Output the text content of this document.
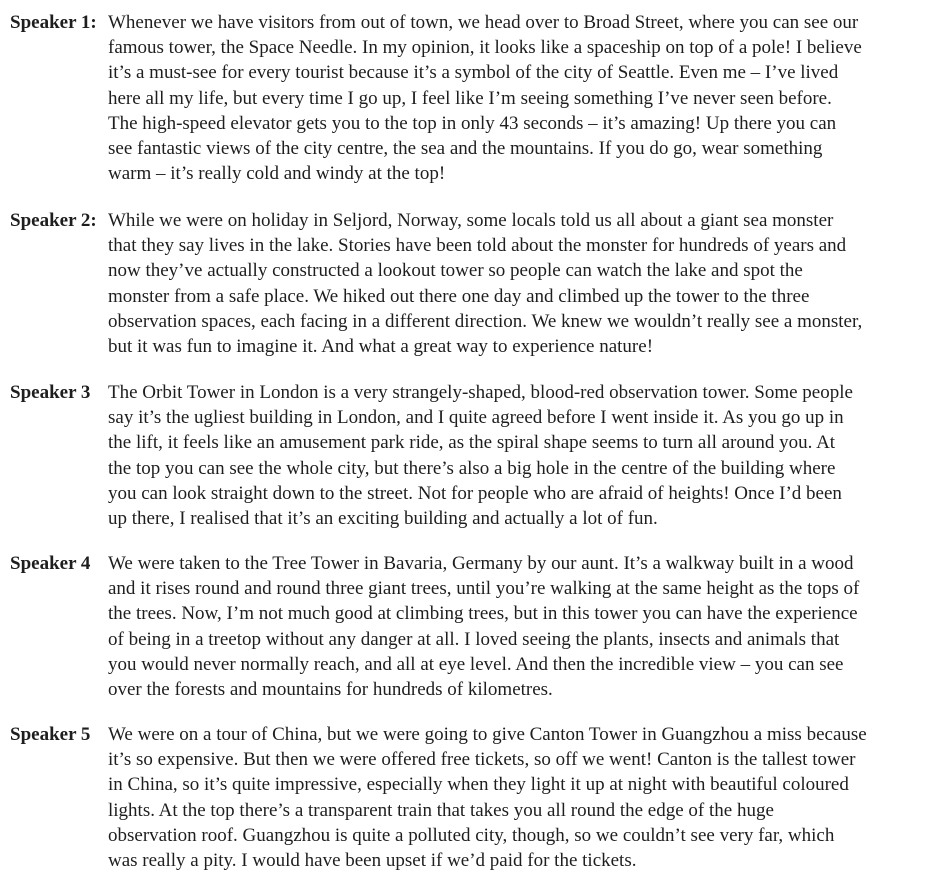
Speaker 1: Whenever we have visitors from out of town, we head over to Broad Street, where you can see our
famous tower, the Space Needle. In my opinion, it looks like a spaceship on top of a pole! I believe
it’s a must-see for every tourist because it’s a symbol of the city of Seattle. Even me – I’ve lived
here all my life, but every time I go up, I feel like I’m seeing something I’ve never seen before.
The high-speed elevator gets you to the top in only 43 seconds – it’s amazing! Up there you can
see fantastic views of the city centre, the sea and the mountains. If you do go, wear something
warm – it’s really cold and windy at the top!
Speaker 2: While we were on holiday in Seljord, Norway, some locals told us all about a giant sea monster
that they say lives in the lake. Stories have been told about the monster for hundreds of years and
now they’ve actually constructed a lookout tower so people can watch the lake and spot the
monster from a safe place. We hiked out there one day and climbed up the tower to the three
observation spaces, each facing in a different direction. We knew we wouldn’t really see a monster,
but it was fun to imagine it. And what a great way to experience nature!
Speaker 3 The Orbit Tower in London is a very strangely-shaped, blood-red observation tower. Some people
say it’s the ugliest building in London, and I quite agreed before I went inside it. As you go up in
the lift, it feels like an amusement park ride, as the spiral shape seems to turn all around you. At
the top you can see the whole city, but there’s also a big hole in the centre of the building where
you can look straight down to the street. Not for people who are afraid of heights! Once I’d been
up there, I realised that it’s an exciting building and actually a lot of fun.
Speaker 4 We were taken to the Tree Tower in Bavaria, Germany by our aunt. It’s a walkway built in a wood
and it rises round and round three giant trees, until you’re walking at the same height as the tops of
the trees. Now, I’m not much good at climbing trees, but in this tower you can have the experience
of being in a treetop without any danger at all. I loved seeing the plants, insects and animals that
you would never normally reach, and all at eye level. And then the incredible view – you can see
over the forests and mountains for hundreds of kilometres.
Speaker 5 We were on a tour of China, but we were going to give Canton Tower in Guangzhou a miss because
it’s so expensive. But then we were offered free tickets, so off we went! Canton is the tallest tower
in China, so it’s quite impressive, especially when they light it up at night with beautiful coloured
lights. At the top there’s a transparent train that takes you all round the edge of the huge
observation roof. Guangzhou is quite a polluted city, though, so we couldn’t see very far, which
was really a pity. I would have been upset if we’d paid for the tickets.
